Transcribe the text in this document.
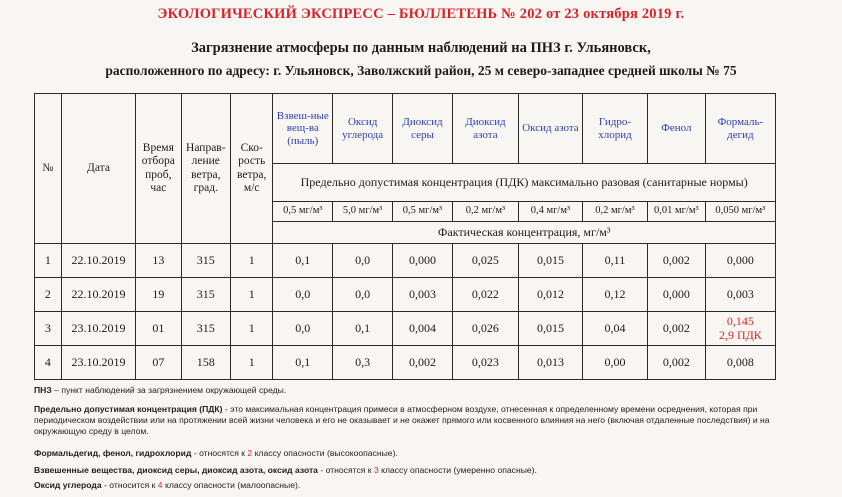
ЭКОЛОГИЧЕСКИЙ ЭКСПРЕСС – БЮЛЛЕТЕНЬ № 202 от 23 октября 2019 г.
Загрязнение атмосферы по данным наблюдений на ПНЗ г. Ульяновск,
расположенного по адресу: г. Ульяновск, Заволжский район, 25 м северо-западнее средней школы № 75
№	Дата	Время отбора проб, час	Направ-ление ветра, град.	Ско-рость ветра, м/с	Взвеш-ные вещ-ва (пыль)	Оксид углерода	Диоксид серы	Диоксид азота	Оксид азота	Гидро-хлорид	Фенол	Формаль-дегид
					Предельно допустимая концентрация (ПДК) максимально разовая (санитарные нормы)							
					0,5 мг/м³	5,0 мг/м³	0,5 мг/м³	0,2 мг/м³	0,4 мг/м³	0,2 мг/м³	0,01 мг/м³	0,050 мг/м³
					Фактическая концентрация, мг/м³							
1	22.10.2019	13	315	1	0,1	0,0	0,000	0,025	0,015	0,11	0,002	0,000
2	22.10.2019	19	315	1	0,0	0,0	0,003	0,022	0,012	0,12	0,000	0,003
3	23.10.2019	01	315	1	0,0	0,1	0,004	0,026	0,015	0,04	0,002	0,145
2,9 ПДК

4	23.10.2019	07	158	1	0,1	0,3	0,002	0,023	0,013	0,00	0,002	0,008
ПНЗ – пункт наблюдений за загрязнением окружающей среды.
Предельно допустимая концентрация (ПДК) - это максимальная концентрация примеси в атмосферном воздухе, отнесенная к определенному времени осреднения, которая при периодическом воздействии или на протяжении всей жизни человека и его не оказывает и не окажет прямого или косвенного влияния на него (включая отдаленные последствия) и на окружающую среду в целом.
Формальдегид, фенол, гидрохлорид - относятся к 2 классу опасности (высокоопасные).
Взвешенные вещества, диоксид серы, диоксид азота, оксид азота - относятся к 3 классу опасности (умеренно опасные).
Оксид углерода - относится к 4 классу опасности (малоопасные).
